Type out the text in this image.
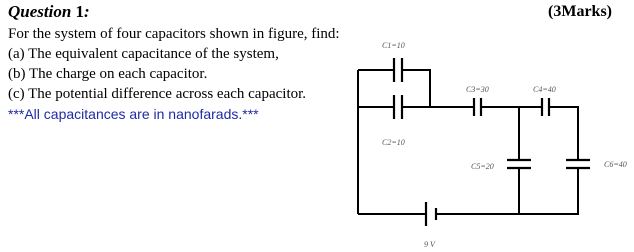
Question 1:	(3Marks)
For the system of four capacitors shown in figure, find:
(a) The equivalent capacitance of the system,
(b) The charge on each capacitor.
(c) The potential difference across each capacitor.
***All capacitances are in nanofarads.***
C1=10
C2=10
C3=30	C4=40
C5=20	C6=40
9 V
